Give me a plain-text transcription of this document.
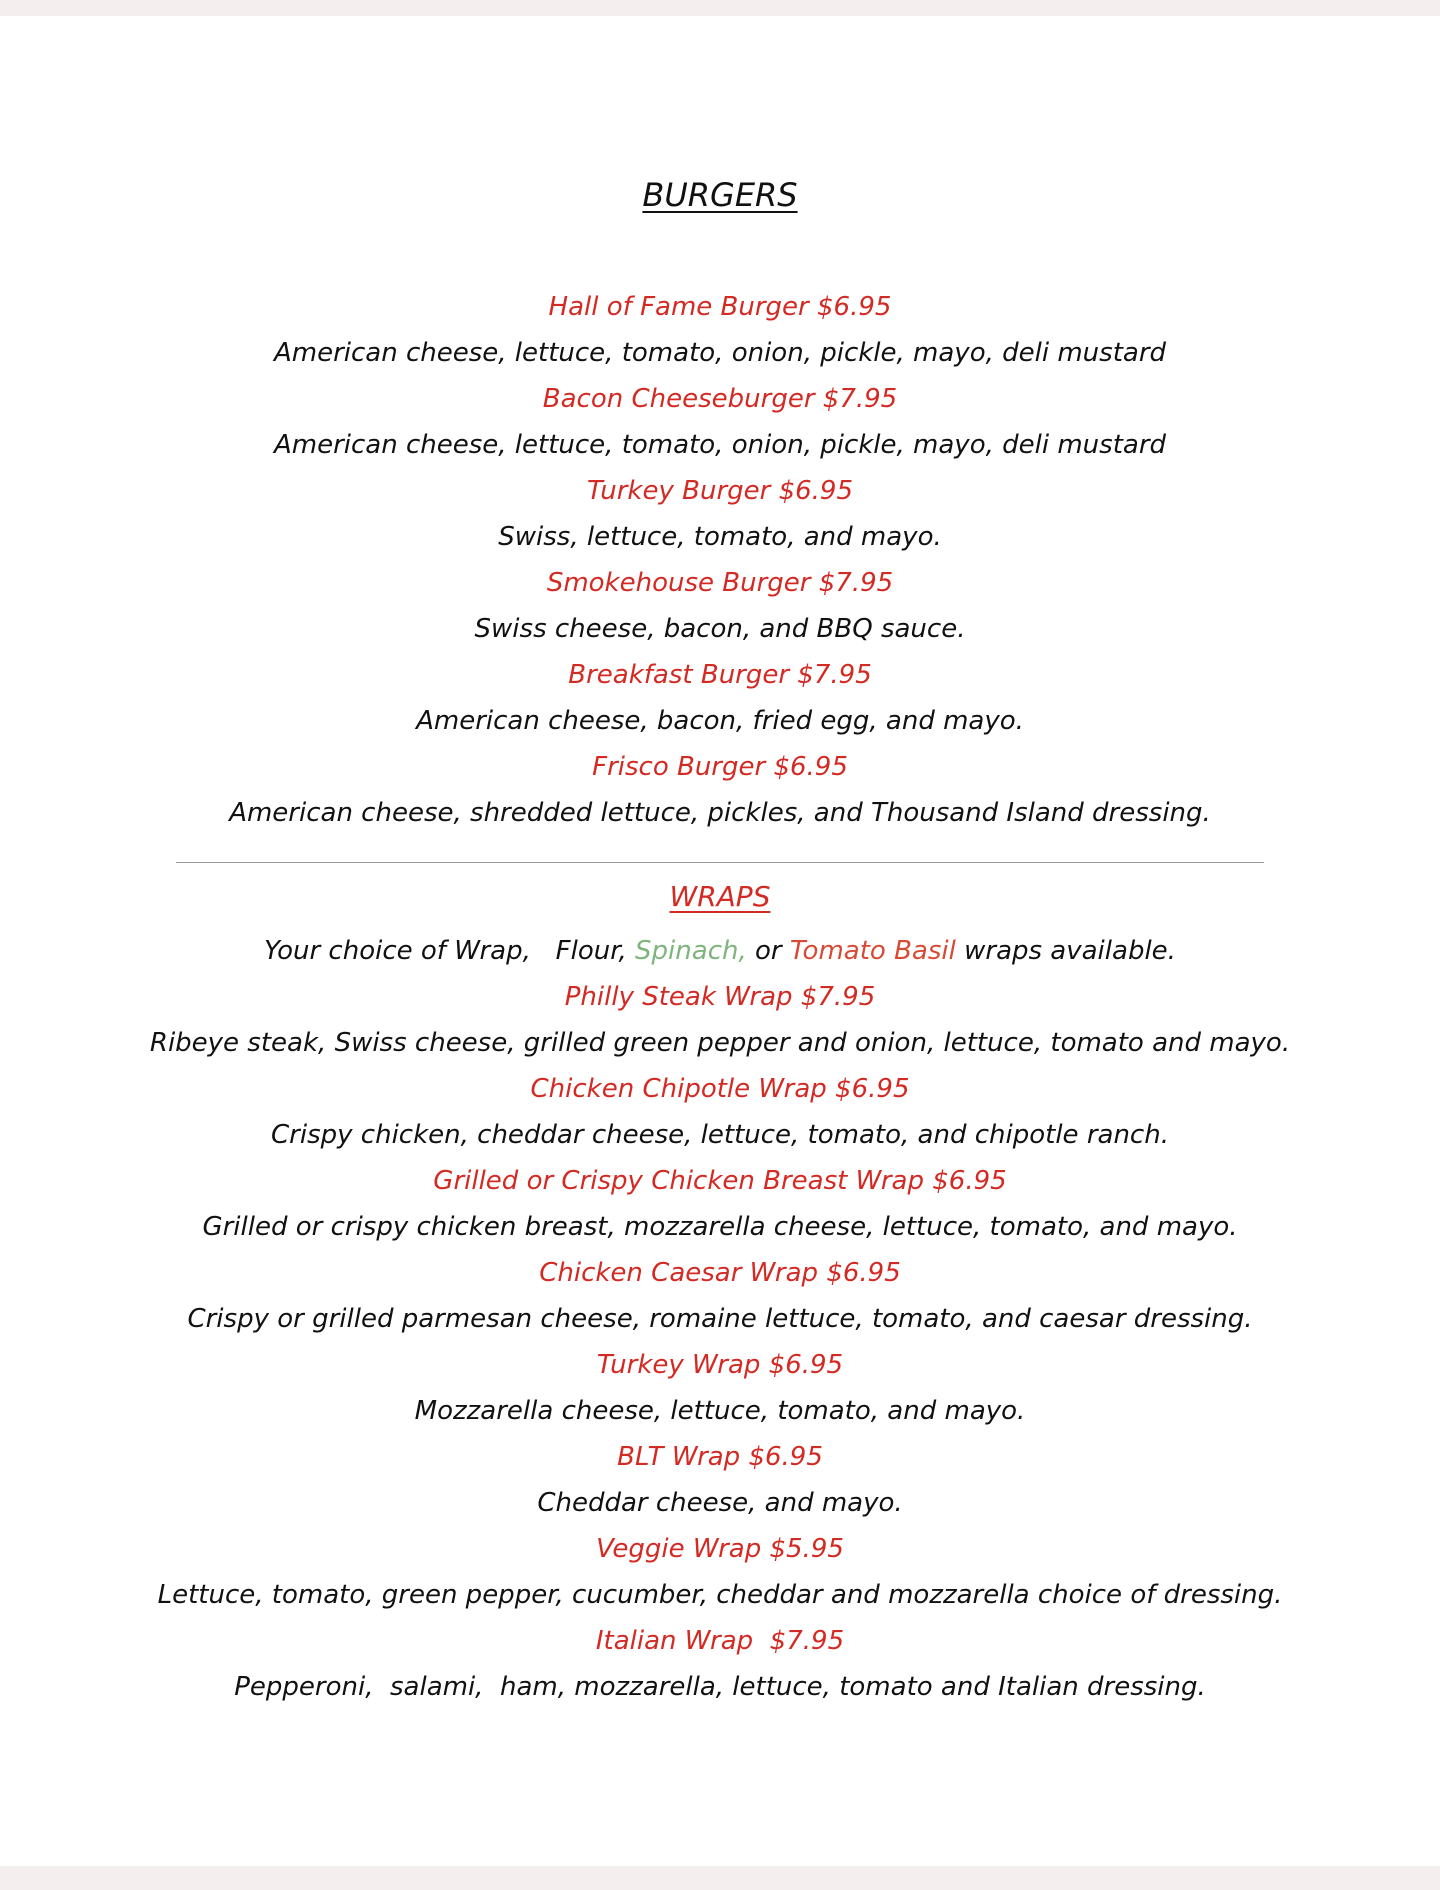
BURGERS
Hall of Fame Burger $6.95
American cheese, lettuce, tomato, onion, pickle, mayo, deli mustard
Bacon Cheeseburger $7.95
American cheese, lettuce, tomato, onion, pickle, mayo, deli mustard
Turkey Burger $6.95
Swiss, lettuce, tomato, and mayo.
Smokehouse Burger $7.95
Swiss cheese, bacon, and BBQ sauce.
Breakfast Burger $7.95
American cheese, bacon, fried egg, and mayo.
Frisco Burger $6.95
American cheese, shredded lettuce, pickles, and Thousand Island dressing.
WRAPS
Your choice of Wrap,   Flour, Spinach, or Tomato Basil wraps available.
Philly Steak Wrap $7.95
Ribeye steak, Swiss cheese, grilled green pepper and onion, lettuce, tomato and mayo.
Chicken Chipotle Wrap $6.95
Crispy chicken, cheddar cheese, lettuce, tomato, and chipotle ranch.
Grilled or Crispy Chicken Breast Wrap $6.95
Grilled or crispy chicken breast, mozzarella cheese, lettuce, tomato, and mayo.
Chicken Caesar Wrap $6.95
Crispy or grilled parmesan cheese, romaine lettuce, tomato, and caesar dressing.
Turkey Wrap $6.95
Mozzarella cheese, lettuce, tomato, and mayo.
BLT Wrap $6.95
Cheddar cheese, and mayo.
Veggie Wrap $5.95
Lettuce, tomato, green pepper, cucumber, cheddar and mozzarella choice of dressing.
Italian Wrap  $7.95
Pepperoni,  salami,  ham, mozzarella, lettuce, tomato and Italian dressing.
